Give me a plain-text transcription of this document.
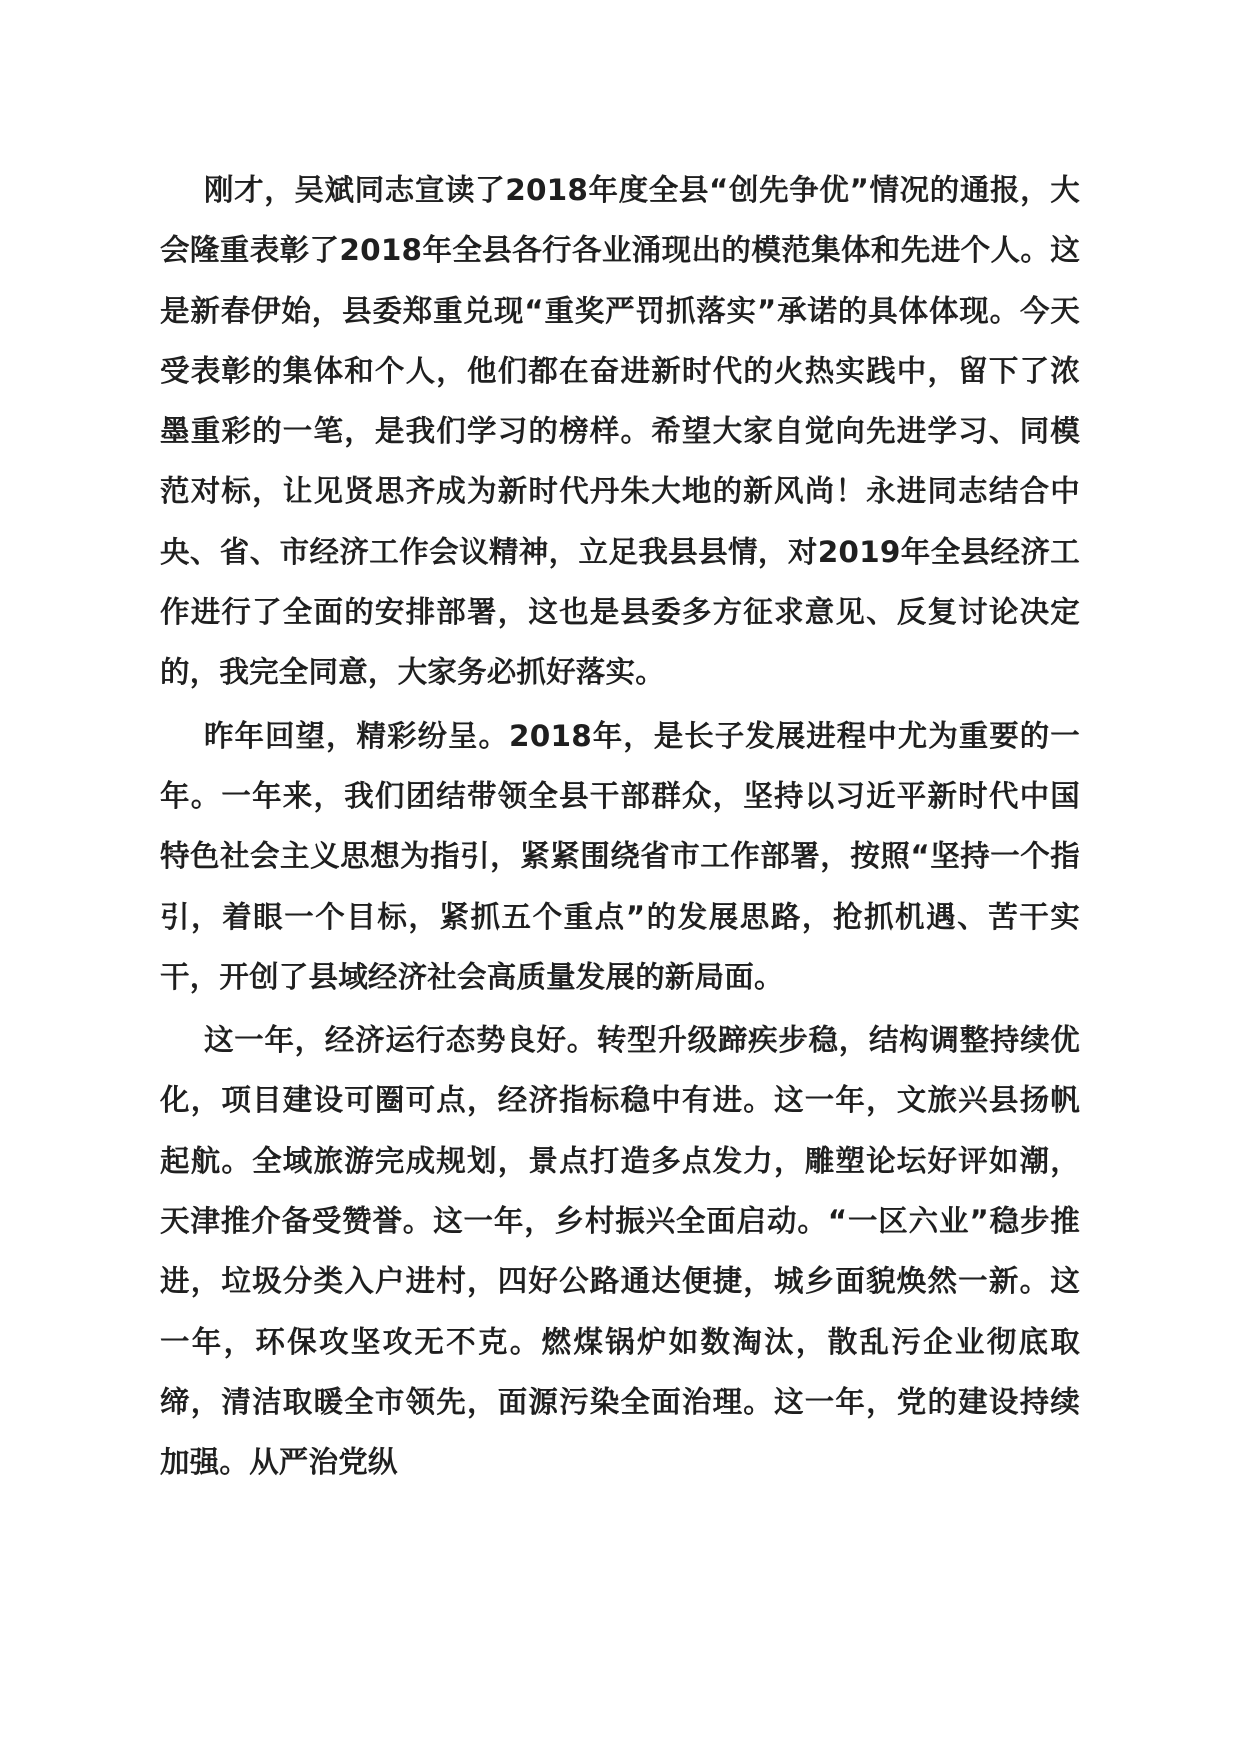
刚才，吴斌同志宣读了2018年度全县“创先争优”情况的通报，大会隆重表彰了2018年全县各行各业涌现出的模范集体和先进个人。这是新春伊始，县委郑重兑现“重奖严罚抓落实”承诺的具体体现。今天受表彰的集体和个人，他们都在奋进新时代的火热实践中，留下了浓墨重彩的一笔，是我们学习的榜样。希望大家自觉向先进学习、同模范对标，让见贤思齐成为新时代丹朱大地的新风尚！永进同志结合中央、省、市经济工作会议精神，立足我县县情，对2019年全县经济工作进行了全面的安排部署，这也是县委多方征求意见、反复讨论决定的，我完全同意，大家务必抓好落实。

昨年回望，精彩纷呈。2018年，是长子发展进程中尤为重要的一年。一年来，我们团结带领全县干部群众，坚持以习近平新时代中国特色社会主义思想为指引，紧紧围绕省市工作部署，按照“坚持一个指引，着眼一个目标，紧抓五个重点”的发展思路，抢抓机遇、苦干实干，开创了县域经济社会高质量发展的新局面。

这一年，经济运行态势良好。转型升级蹄疾步稳，结构调整持续优化，项目建设可圈可点，经济指标稳中有进。这一年，文旅兴县扬帆起航。全域旅游完成规划，景点打造多点发力，雕塑论坛好评如潮，天津推介备受赞誉。这一年，乡村振兴全面启动。“一区六业”稳步推进，垃圾分类入户进村，四好公路通达便捷，城乡面貌焕然一新。这一年，环保攻坚攻无不克。燃煤锅炉如数淘汰，散乱污企业彻底取缔，清洁取暖全市领先，面源污染全面治理。这一年，党的建设持续加强。从严治党纵
